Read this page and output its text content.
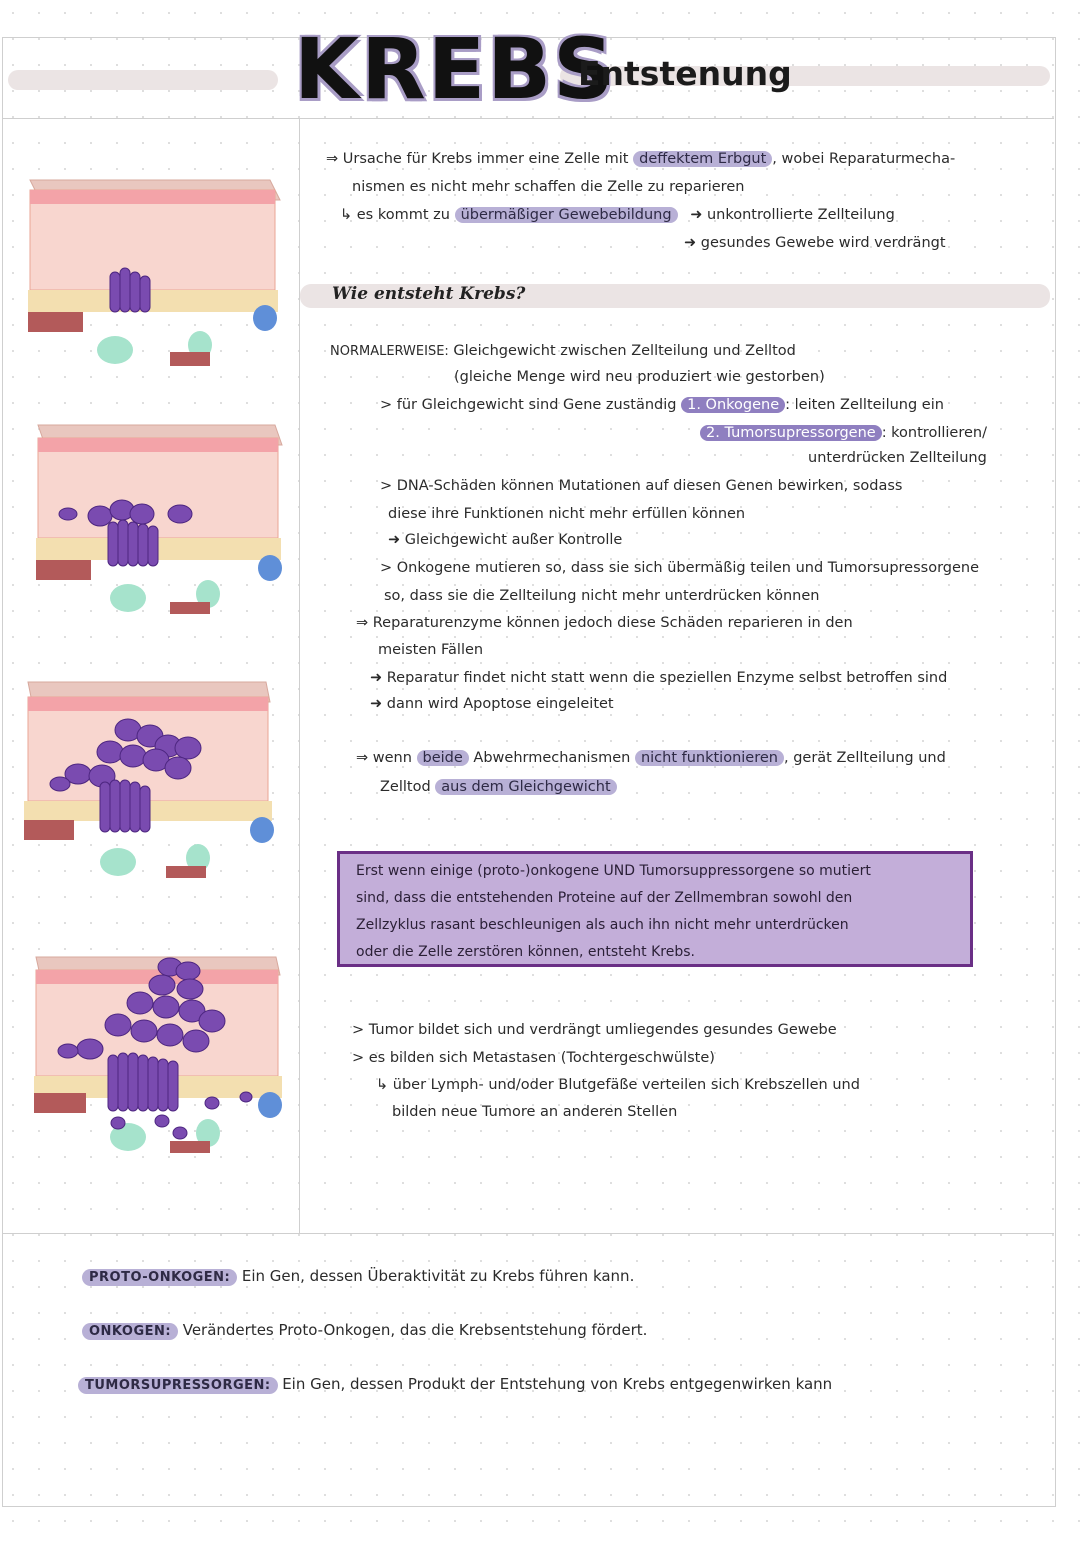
KREBS
Entstenung
⇒ Ursache für Krebs immer eine Zelle mit deffektem Erbgut , wobei Reparaturmecha-
nismen es nicht mehr schaffen die Zelle zu reparieren
↳ es kommt zu übermäßiger Gewebebildung ➜ unkontrollierte Zellteilung
➜ gesundes Gewebe wird verdrängt
Wie entsteht Krebs?
NORMALERWEISE: Gleichgewicht zwischen Zellteilung und Zelltod
(gleiche Menge wird neu produziert wie gestorben)
> für Gleichgewicht sind Gene zuständig 1. Onkogene : leiten Zellteilung ein
2. Tumorsupressorgene : kontrollieren/
unterdrücken Zellteilung
> DNA-Schäden können Mutationen auf diesen Genen bewirken, sodass
diese ihre Funktionen nicht mehr erfüllen können
➜ Gleichgewicht außer Kontrolle
> Onkogene mutieren so, dass sie sich übermäßig teilen und Tumorsupressorgene
so, dass sie die Zellteilung nicht mehr unterdrücken können
⇒ Reparaturenzyme können jedoch diese Schäden reparieren in den
meisten Fällen
➜ Reparatur findet nicht statt wenn die speziellen Enzyme selbst betroffen sind
➜ dann wird Apoptose eingeleitet
⇒ wenn beide Abwehrmechanismen nicht funktionieren , gerät Zellteilung und
Zelltod aus dem Gleichgewicht
Erst wenn einige (proto-)onkogene UND Tumorsuppressorgene so mutiert
sind, dass die entstehenden Proteine auf der Zellmembran sowohl den
Zellzyklus rasant beschleunigen als auch ihn nicht mehr unterdrücken
oder die Zelle zerstören können, entsteht Krebs.
> Tumor bildet sich und verdrängt umliegendes gesundes Gewebe
> es bilden sich Metastasen (Tochtergeschwülste)
↳ über Lymph- und/oder Blutgefäße verteilen sich Krebszellen und
bilden neue Tumore an anderen Stellen
PROTO-ONKOGEN: Ein Gen, dessen Überaktivität zu Krebs führen kann.
ONKOGEN: Verändertes Proto-Onkogen, das die Krebsentstehung fördert.
TUMORSUPRESSORGEN: Ein Gen, dessen Produkt der Entstehung von Krebs entgegenwirken kann
